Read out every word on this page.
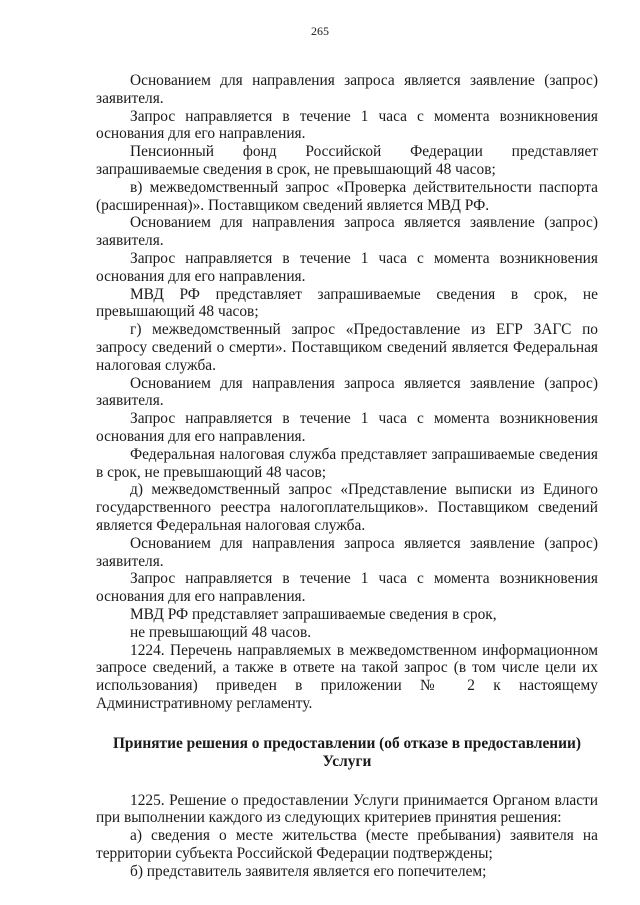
265

Основанием для направления запроса является заявление (запрос) заявителя.

Запрос направляется в течение 1 часа с момента возникновения основания для его направления.

Пенсионный фонд Российской Федерации представляет запрашиваемые сведения в срок, не превышающий 48 часов;

в) межведомственный запрос «Проверка действительности паспорта (расширенная)». Поставщиком сведений является МВД РФ.

Основанием для направления запроса является заявление (запрос) заявителя.

Запрос направляется в течение 1 часа с момента возникновения основания для его направления.

МВД РФ представляет запрашиваемые сведения в срок, не превышающий 48 часов;

г) межведомственный запрос «Предоставление из ЕГР ЗАГС по запросу сведений о смерти». Поставщиком сведений является Федеральная налоговая служба.

Основанием для направления запроса является заявление (запрос) заявителя.

Запрос направляется в течение 1 часа с момента возникновения основания для его направления.

Федеральная налоговая служба представляет запрашиваемые сведения в срок, не превышающий 48 часов;

д) межведомственный запрос «Представление выписки из Единого государственного реестра налогоплательщиков». Поставщиком сведений является Федеральная налоговая служба.

Основанием для направления запроса является заявление (запрос) заявителя.

Запрос направляется в течение 1 часа с момента возникновения основания для его направления.

МВД РФ представляет запрашиваемые сведения в срок,

не превышающий 48 часов.

1224. Перечень направляемых в межведомственном информационном запросе сведений, а также в ответе на такой запрос (в том числе цели их использования) приведен в приложении № 2 к настоящему Административному регламенту.

Принятие решения о предоставлении (об отказе в предоставлении)
Услуги

1225. Решение о предоставлении Услуги принимается Органом власти при выполнении каждого из следующих критериев принятия решения:

а) сведения о месте жительства (месте пребывания) заявителя на территории субъекта Российской Федерации подтверждены;

б) представитель заявителя является его попечителем;
